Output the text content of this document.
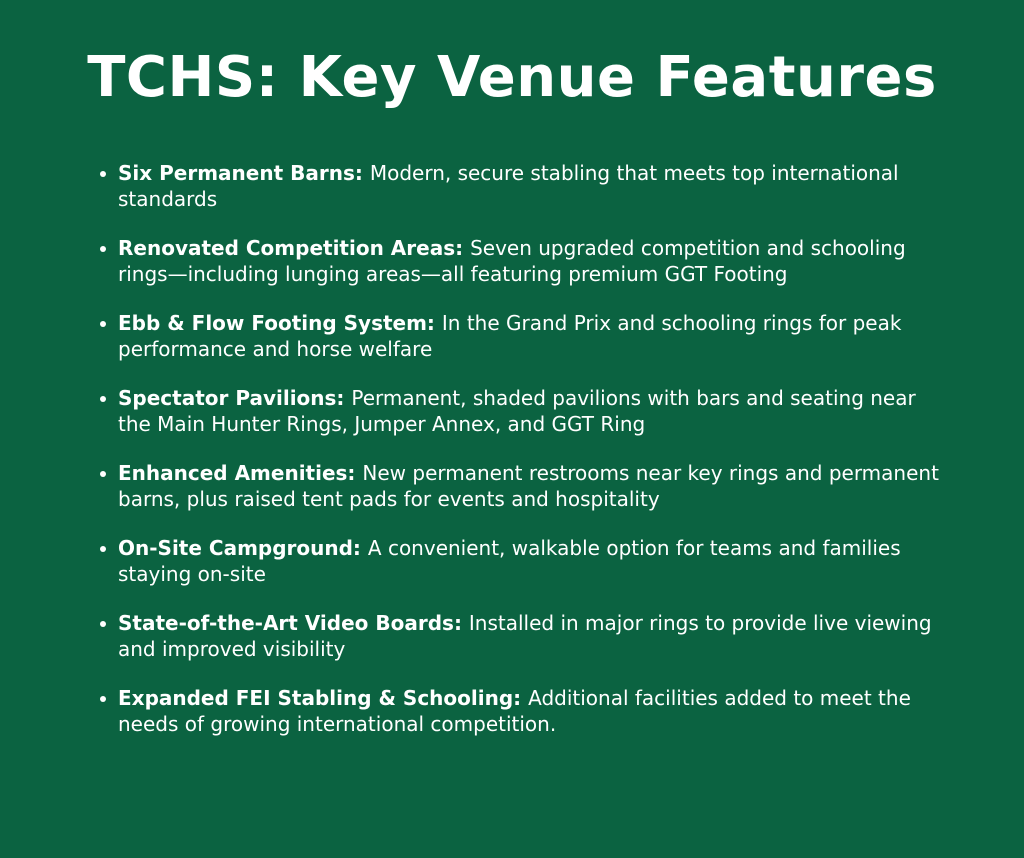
TCHS: Key Venue Features
Six Permanent Barns: Modern, secure stabling that meets top international standards
Renovated Competition Areas: Seven upgraded competition and schooling rings—including lunging areas—all featuring premium GGT Footing
Ebb & Flow Footing System: In the Grand Prix and schooling rings for peak performance and horse welfare
Spectator Pavilions: Permanent, shaded pavilions with bars and seating near the Main Hunter Rings, Jumper Annex, and GGT Ring
Enhanced Amenities: New permanent restrooms near key rings and permanent barns, plus raised tent pads for events and hospitality
On-Site Campground: A convenient, walkable option for teams and families staying on-site
State-of-the-Art Video Boards: Installed in major rings to provide live viewing and improved visibility
Expanded FEI Stabling & Schooling: Additional facilities added to meet the needs of growing international competition.
